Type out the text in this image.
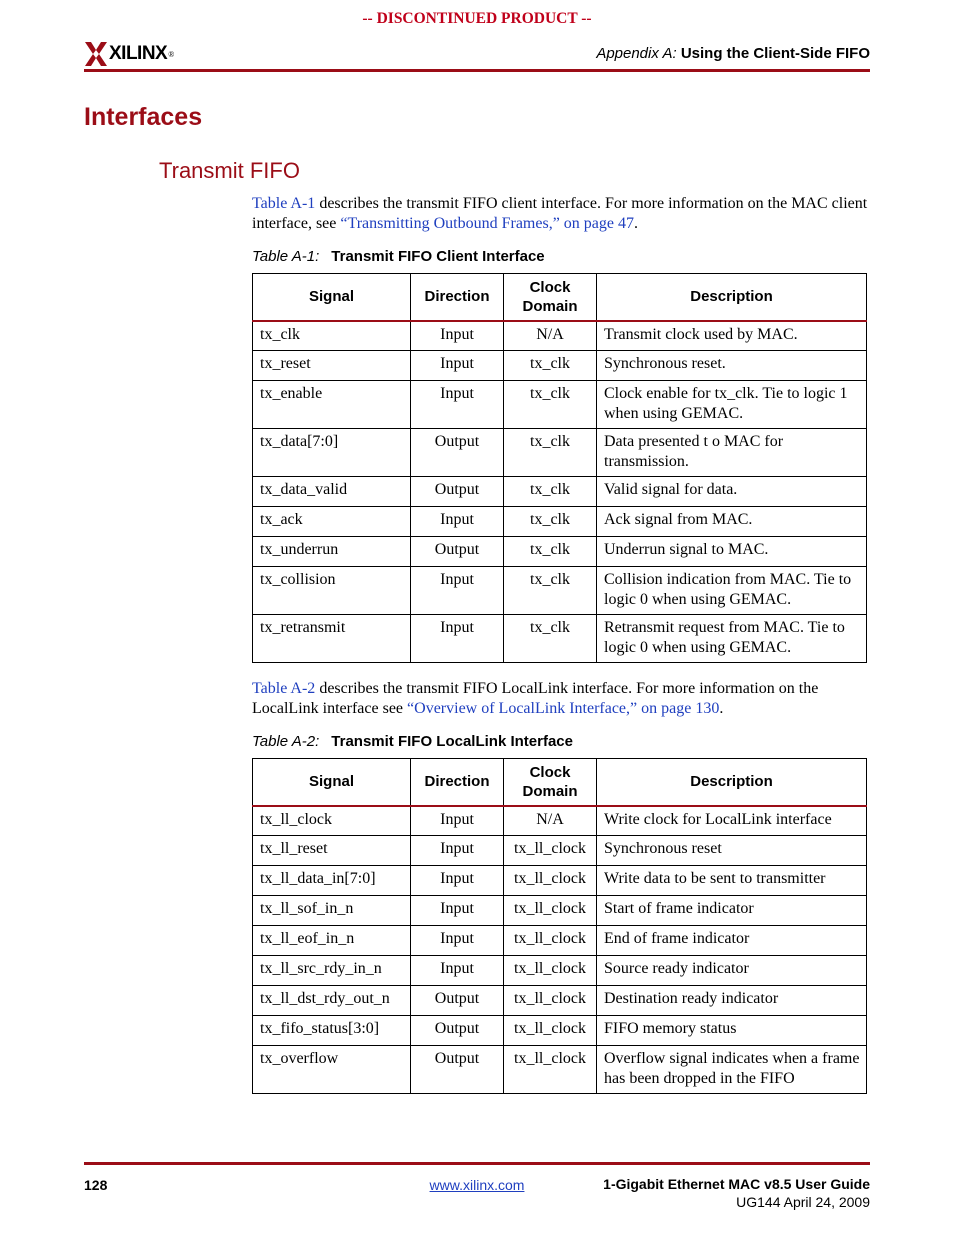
-- DISCONTINUED PRODUCT --
XILINX ®	Appendix A: Using the Client-Side FIFO
Interfaces
Transmit FIFO
Table A-1 describes the transmit FIFO client interface. For more information on the MAC client interface, see “Transmitting Outbound Frames,” on page 47.
Table A-1: Transmit FIFO Client Interface
Signal	Direction	Clock Domain	Description
tx_clk	Input	N/A	Transmit clock used by MAC.
tx_reset	Input	tx_clk	Synchronous reset.
tx_enable	Input	tx_clk	Clock enable for tx_clk. Tie to logic 1 when using GEMAC.
tx_data[7:0]	Output	tx_clk	Data presented t o MAC for transmission.
tx_data_valid	Output	tx_clk	Valid signal for data.
tx_ack	Input	tx_clk	Ack signal from MAC.
tx_underrun	Output	tx_clk	Underrun signal to MAC.
tx_collision	Input	tx_clk	Collision indication from MAC. Tie to logic 0 when using GEMAC.
tx_retransmit	Input	tx_clk	Retransmit request from MAC. Tie to logic 0 when using GEMAC.
Table A-2 describes the transmit FIFO LocalLink interface. For more information on the LocalLink interface see “Overview of LocalLink Interface,” on page 130.
Table A-2: Transmit FIFO LocalLink Interface
Signal	Direction	Clock Domain	Description
tx_ll_clock	Input	N/A	Write clock for LocalLink interface
tx_ll_reset	Input	tx_ll_clock	Synchronous reset
tx_ll_data_in[7:0]	Input	tx_ll_clock	Write data to be sent to transmitter
tx_ll_sof_in_n	Input	tx_ll_clock	Start of frame indicator
tx_ll_eof_in_n	Input	tx_ll_clock	End of frame indicator
tx_ll_src_rdy_in_n	Input	tx_ll_clock	Source ready indicator
tx_ll_dst_rdy_out_n	Output	tx_ll_clock	Destination ready indicator
tx_fifo_status[3:0]	Output	tx_ll_clock	FIFO memory status
tx_overflow	Output	tx_ll_clock	Overflow signal indicates when a frame has been dropped in the FIFO
128	www.xilinx.com	1-Gigabit Ethernet MAC v8.5 User Guide
UG144 April 24, 2009
